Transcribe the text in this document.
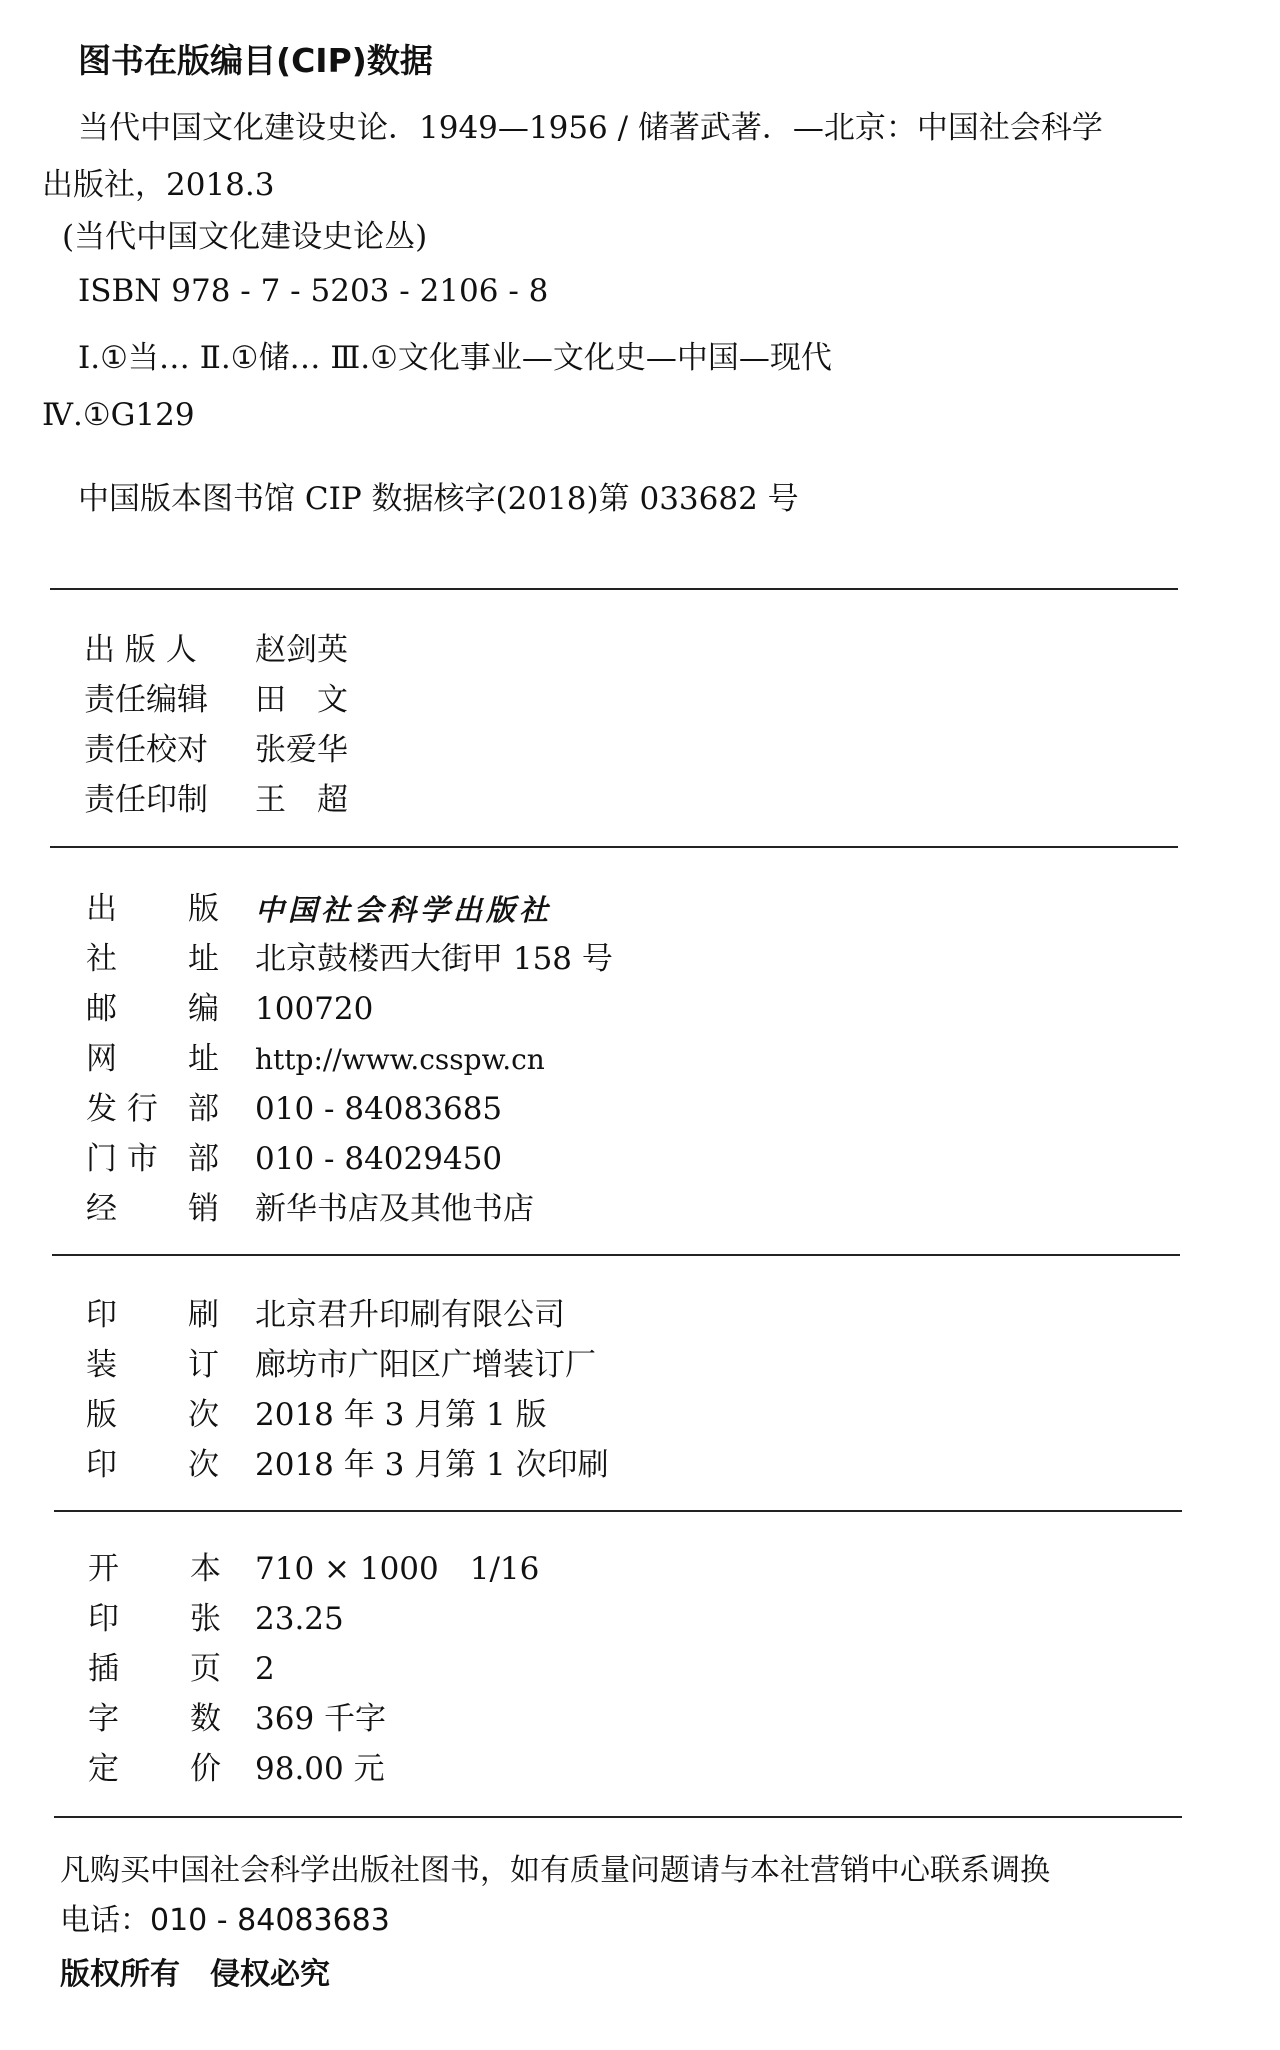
图书在版编目(CIP)数据
当代中国文化建设史论．1949—1956 / 储著武著．—北京：中国社会科学
出版社，2018.3
(当代中国文化建设史论丛)
ISBN 978 - 7 - 5203 - 2106 - 8
Ⅰ.①当… Ⅱ.①储… Ⅲ.①文化事业—文化史—中国—现代
Ⅳ.①G129
中国版本图书馆 CIP 数据核字(2018)第 033682 号
出 版 人 赵剑英
责任编辑 田　文
责任校对 张爱华
责任印制 王　超
出 版 中国社会科学出版社
社 址 北京鼓楼西大街甲 158 号
邮 编 100720
网 址 http://www.csspw.cn
发 行 部 010 - 84083685
门 市 部 010 - 84029450
经 销 新华书店及其他书店
印 刷 北京君升印刷有限公司
装 订 廊坊市广阳区广增装订厂
版 次 2018 年 3 月第 1 版
印 次 2018 年 3 月第 1 次印刷
开 本 710 × 1000　1/16
印 张 23.25
插 页 2
字 数 369 千字
定 价 98.00 元
凡购买中国社会科学出版社图书，如有质量问题请与本社营销中心联系调换
电话：010 - 84083683
版权所有　侵权必究
